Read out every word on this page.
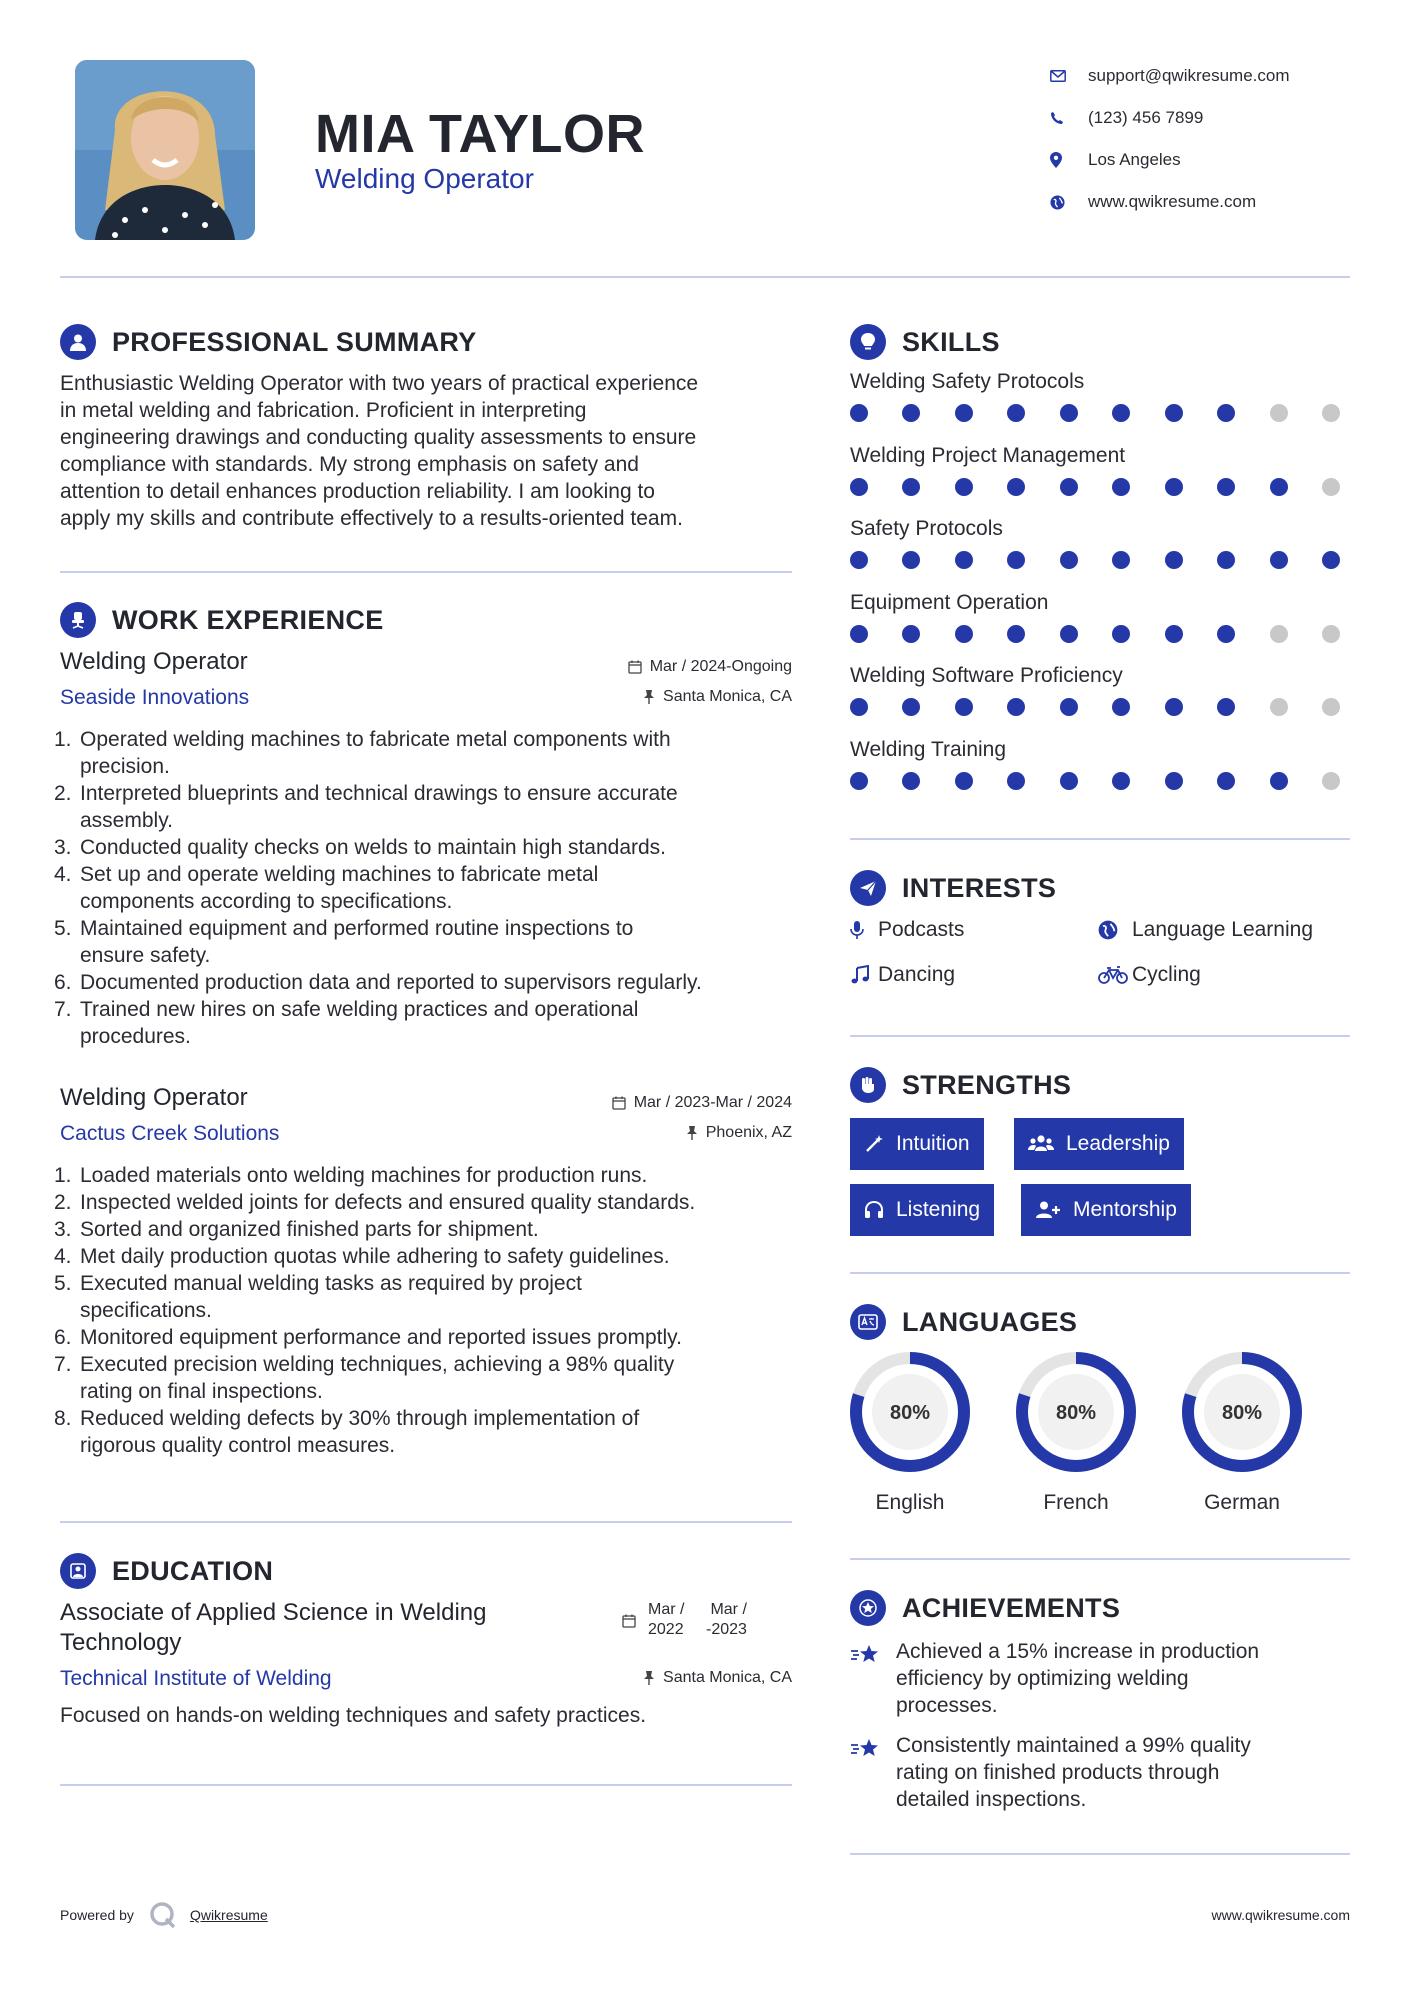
MIA TAYLOR
Welding Operator
support@qwikresume.com
(123) 456 7899
Los Angeles
www.qwikresume.com
PROFESSIONAL SUMMARY
Enthusiastic Welding Operator with two years of practical experience
in metal welding and fabrication. Proficient in interpreting
engineering drawings and conducting quality assessments to ensure
compliance with standards. My strong emphasis on safety and
attention to detail enhances production reliability. I am looking to
apply my skills and contribute effectively to a results-oriented team.
WORK EXPERIENCE
Welding Operator	Mar / 2024-Ongoing
Seaside Innovations	Santa Monica, CA
1. Operated welding machines to fabricate metal components with
precision.
2. Interpreted blueprints and technical drawings to ensure accurate
assembly.
3. Conducted quality checks on welds to maintain high standards.
4. Set up and operate welding machines to fabricate metal
components according to specifications.
5. Maintained equipment and performed routine inspections to
ensure safety.
6. Documented production data and reported to supervisors regularly.
7. Trained new hires on safe welding practices and operational
procedures.
Welding Operator	Mar / 2023-Mar / 2024
Cactus Creek Solutions	Phoenix, AZ
1. Loaded materials onto welding machines for production runs.
2. Inspected welded joints for defects and ensured quality standards.
3. Sorted and organized finished parts for shipment.
4. Met daily production quotas while adhering to safety guidelines.
5. Executed manual welding tasks as required by project
specifications.
6. Monitored equipment performance and reported issues promptly.
7. Executed precision welding techniques, achieving a 98% quality
rating on final inspections.
8. Reduced welding defects by 30% through implementation of
rigorous quality control measures.
EDUCATION
Associate of Applied Science in Welding
Technology
Mar /
2022
Mar /
-2023
Technical Institute of Welding	Santa Monica, CA
Focused on hands-on welding techniques and safety practices.
SKILLS
Welding Safety Protocols
Welding Project Management
Safety Protocols
Equipment Operation
Welding Software Proficiency
Welding Training
INTERESTS
Podcasts	Language Learning
Dancing	Cycling
STRENGTHS
Intuition	Leadership
Listening	Mentorship
LANGUAGES
80%
English
80%
French
80%
German
ACHIEVEMENTS
Achieved a 15% increase in production
efficiency by optimizing welding
processes.
Consistently maintained a 99% quality
rating on finished products through
detailed inspections.
Powered by	Qwikresume	www.qwikresume.com
